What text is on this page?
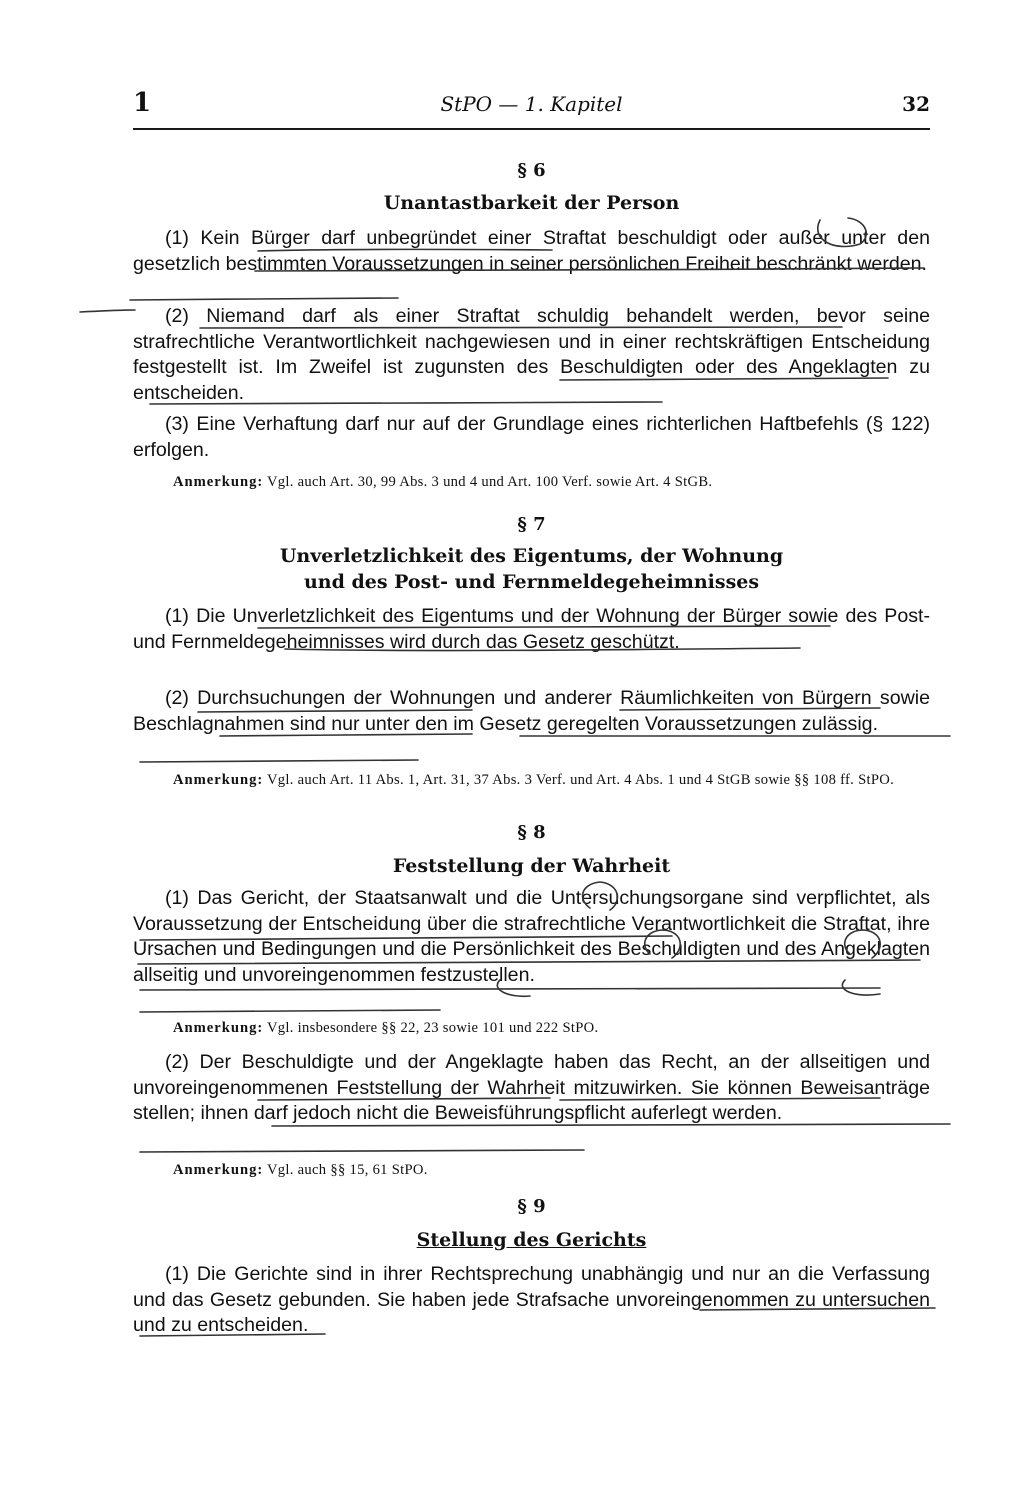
1	StPO — 1. Kapitel	32
§ 6
Unantastbarkeit der Person
(1) Kein Bürger darf unbegründet einer Straftat beschuldigt oder außer unter den gesetzlich bestimmten Voraussetzungen in seiner persönlichen Freiheit beschränkt werden.
(2) Niemand darf als einer Straftat schuldig behandelt werden, bevor seine strafrechtliche Verantwortlichkeit nachgewiesen und in einer rechtskräftigen Entscheidung festgestellt ist. Im Zweifel ist zugunsten des Beschuldigten oder des Angeklagten zu entscheiden.
(3) Eine Verhaftung darf nur auf der Grundlage eines richterlichen Haftbefehls (§ 122) erfolgen.
Anmerkung: Vgl. auch Art. 30, 99 Abs. 3 und 4 und Art. 100 Verf. sowie Art. 4 StGB.
§ 7
Unverletzlichkeit des Eigentums, der Wohnung
und des Post- und Fernmeldegeheimnisses
(1) Die Unverletzlichkeit des Eigentums und der Wohnung der Bürger sowie des Post- und Fernmeldegeheimnisses wird durch das Gesetz geschützt.
(2) Durchsuchungen der Wohnungen und anderer Räumlichkeiten von Bürgern sowie Beschlagnahmen sind nur unter den im Gesetz geregelten Voraussetzungen zulässig.
Anmerkung: Vgl. auch Art. 11 Abs. 1, Art. 31, 37 Abs. 3 Verf. und Art. 4 Abs. 1 und 4 StGB sowie §§ 108 ff. StPO.
§ 8
Feststellung der Wahrheit
(1) Das Gericht, der Staatsanwalt und die Untersuchungsorgane sind verpflichtet, als Voraussetzung der Entscheidung über die strafrechtliche Verantwortlichkeit die Straftat, ihre Ursachen und Bedingungen und die Persönlichkeit des Beschuldigten und des Angeklagten allseitig und unvoreingenommen festzustellen.
Anmerkung: Vgl. insbesondere §§ 22, 23 sowie 101 und 222 StPO.
(2) Der Beschuldigte und der Angeklagte haben das Recht, an der allseitigen und unvoreingenommenen Feststellung der Wahrheit mitzuwirken. Sie können Beweisanträge stellen; ihnen darf jedoch nicht die Beweisführungspflicht auferlegt werden.
Anmerkung: Vgl. auch §§ 15, 61 StPO.
§ 9
Stellung des Gerichts
(1) Die Gerichte sind in ihrer Rechtsprechung unabhängig und nur an die Verfassung und das Gesetz gebunden. Sie haben jede Strafsache unvoreingenommen zu untersuchen und zu entscheiden.
